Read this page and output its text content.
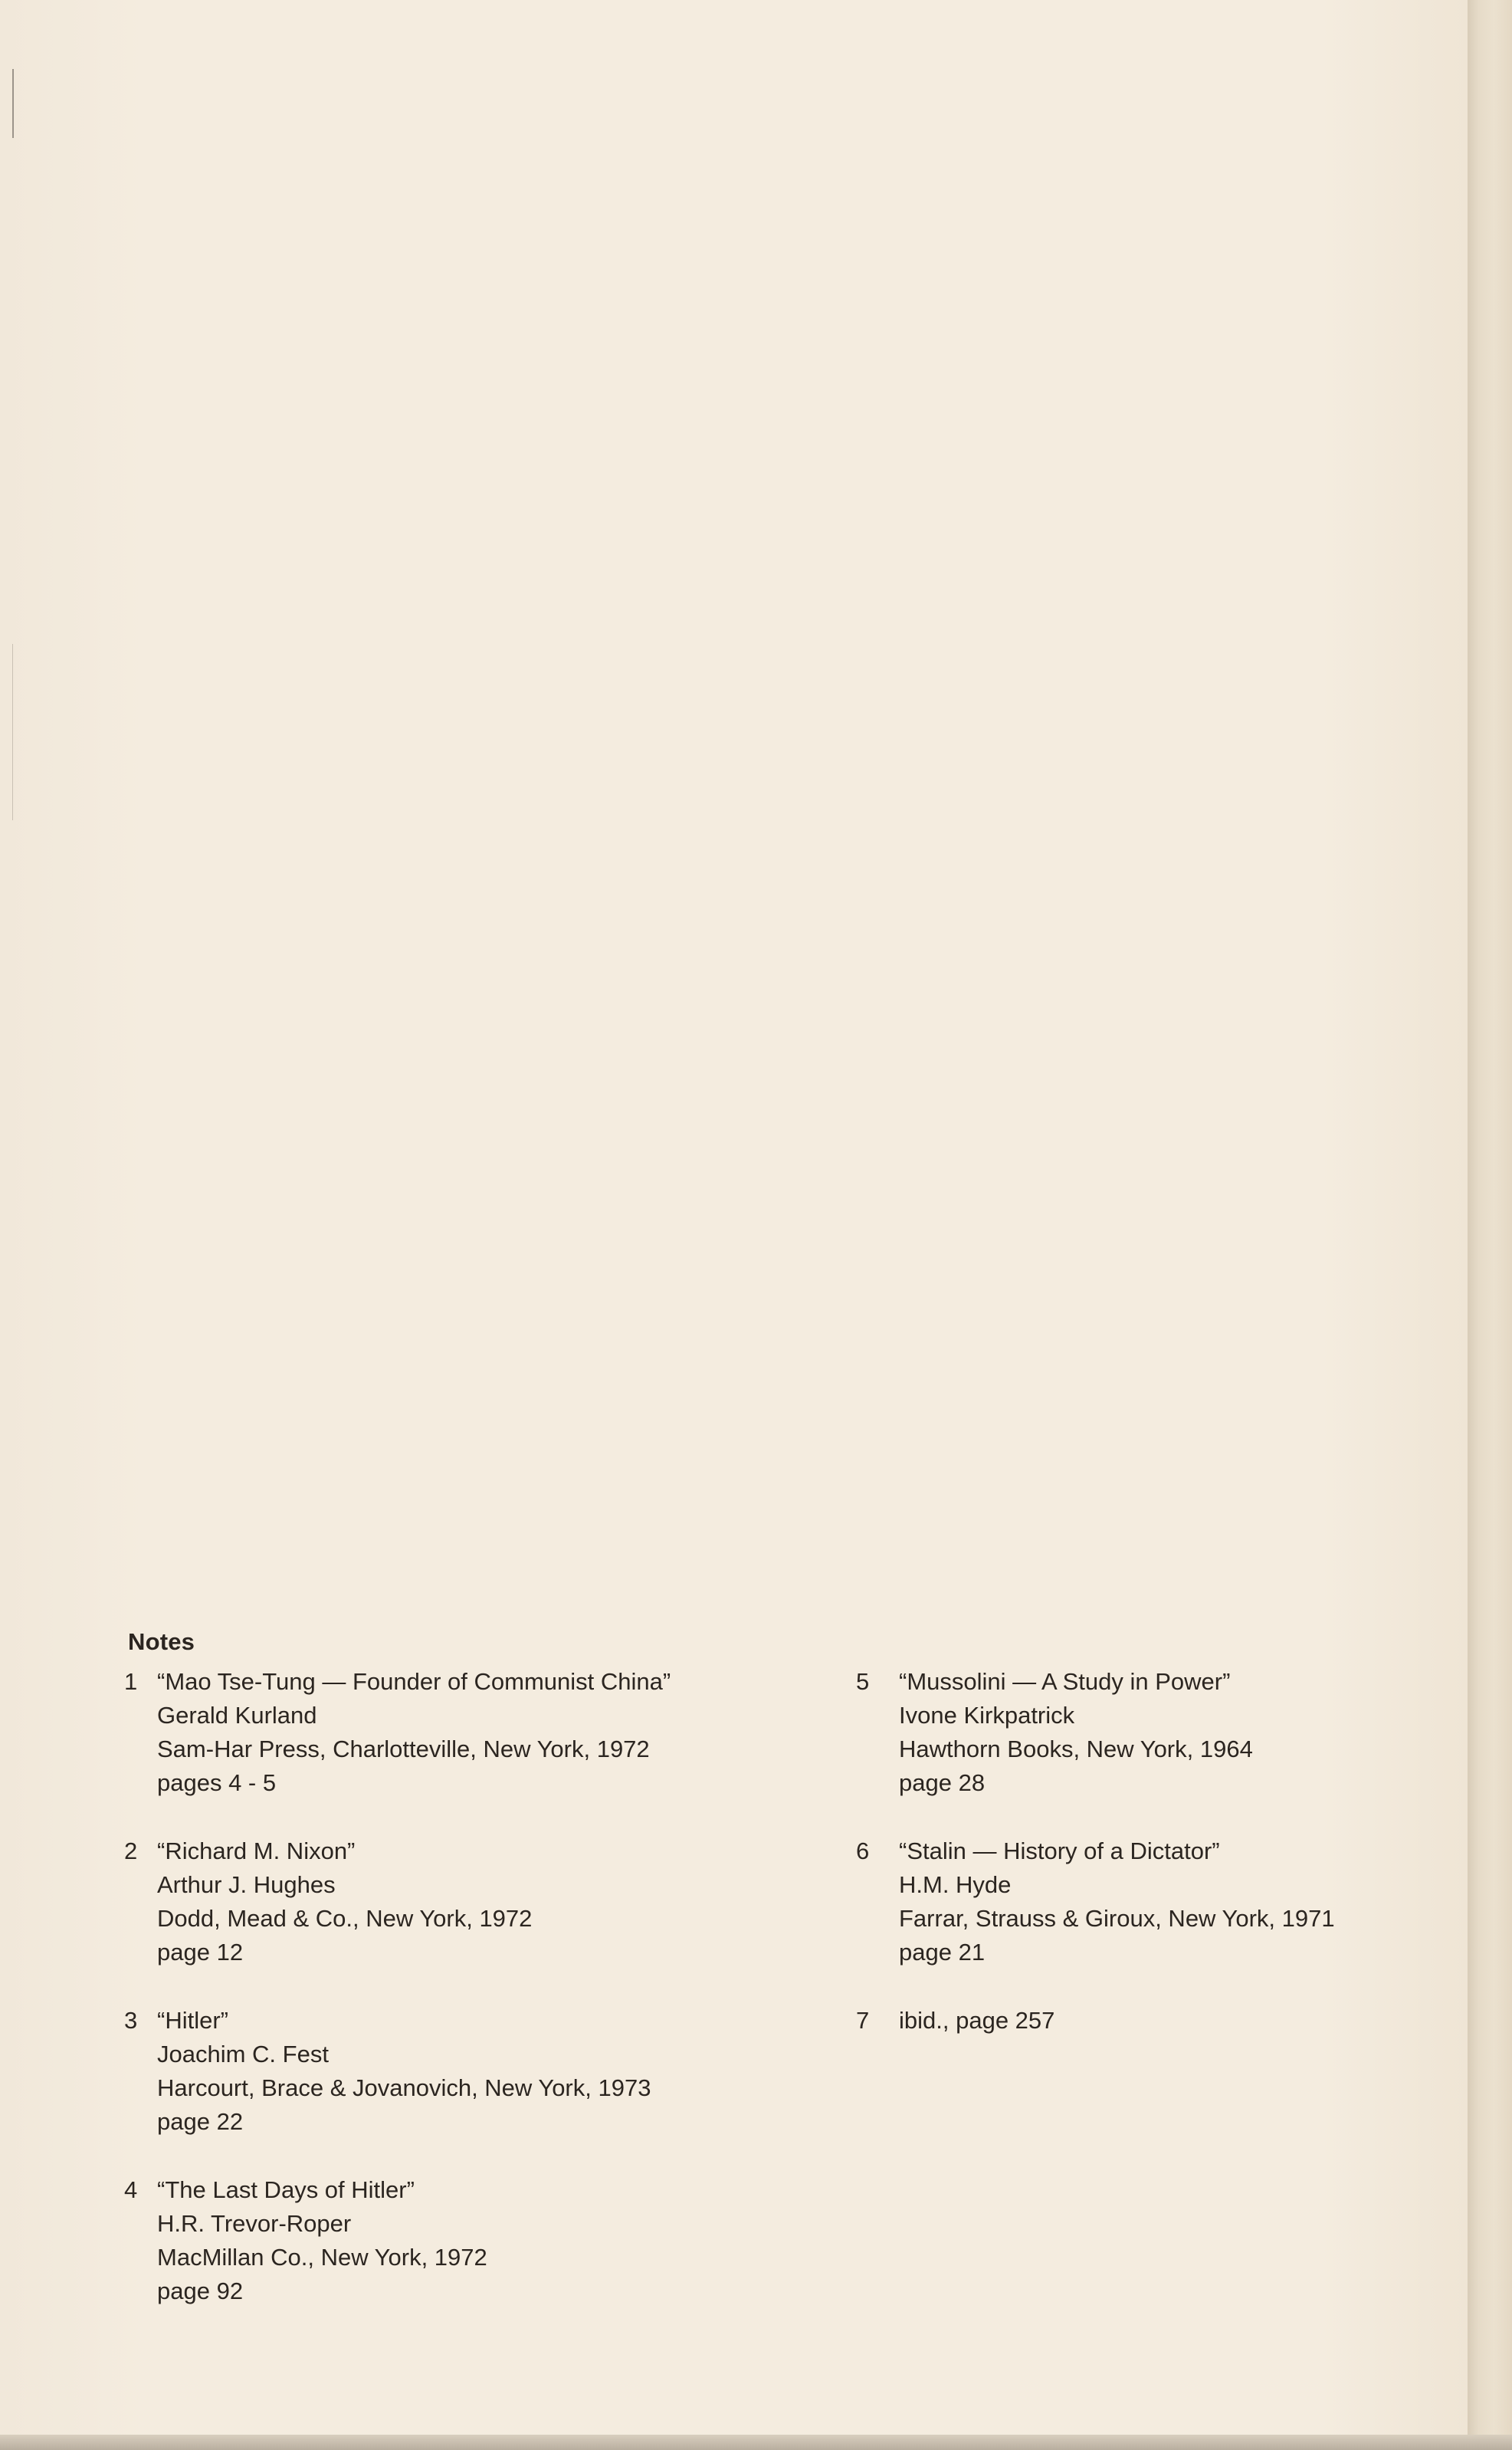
Notes
1 “Mao Tse-Tung — Founder of Communist China”
Gerald Kurland
Sam-Har Press, Charlotteville, New York, 1972
pages 4 - 5
2 “Richard M. Nixon”
Arthur J. Hughes
Dodd, Mead & Co., New York, 1972
page 12
3 “Hitler”
Joachim C. Fest
Harcourt, Brace & Jovanovich, New York, 1973
page 22
4 “The Last Days of Hitler”
H.R. Trevor-Roper
MacMillan Co., New York, 1972
page 92
5	“Mussolini — A Study in Power”
Ivone Kirkpatrick
Hawthorn Books, New York, 1964
page 28
6	“Stalin — History of a Dictator”
H.M. Hyde
Farrar, Strauss & Giroux, New York, 1971
page 21
7	ibid., page 257
